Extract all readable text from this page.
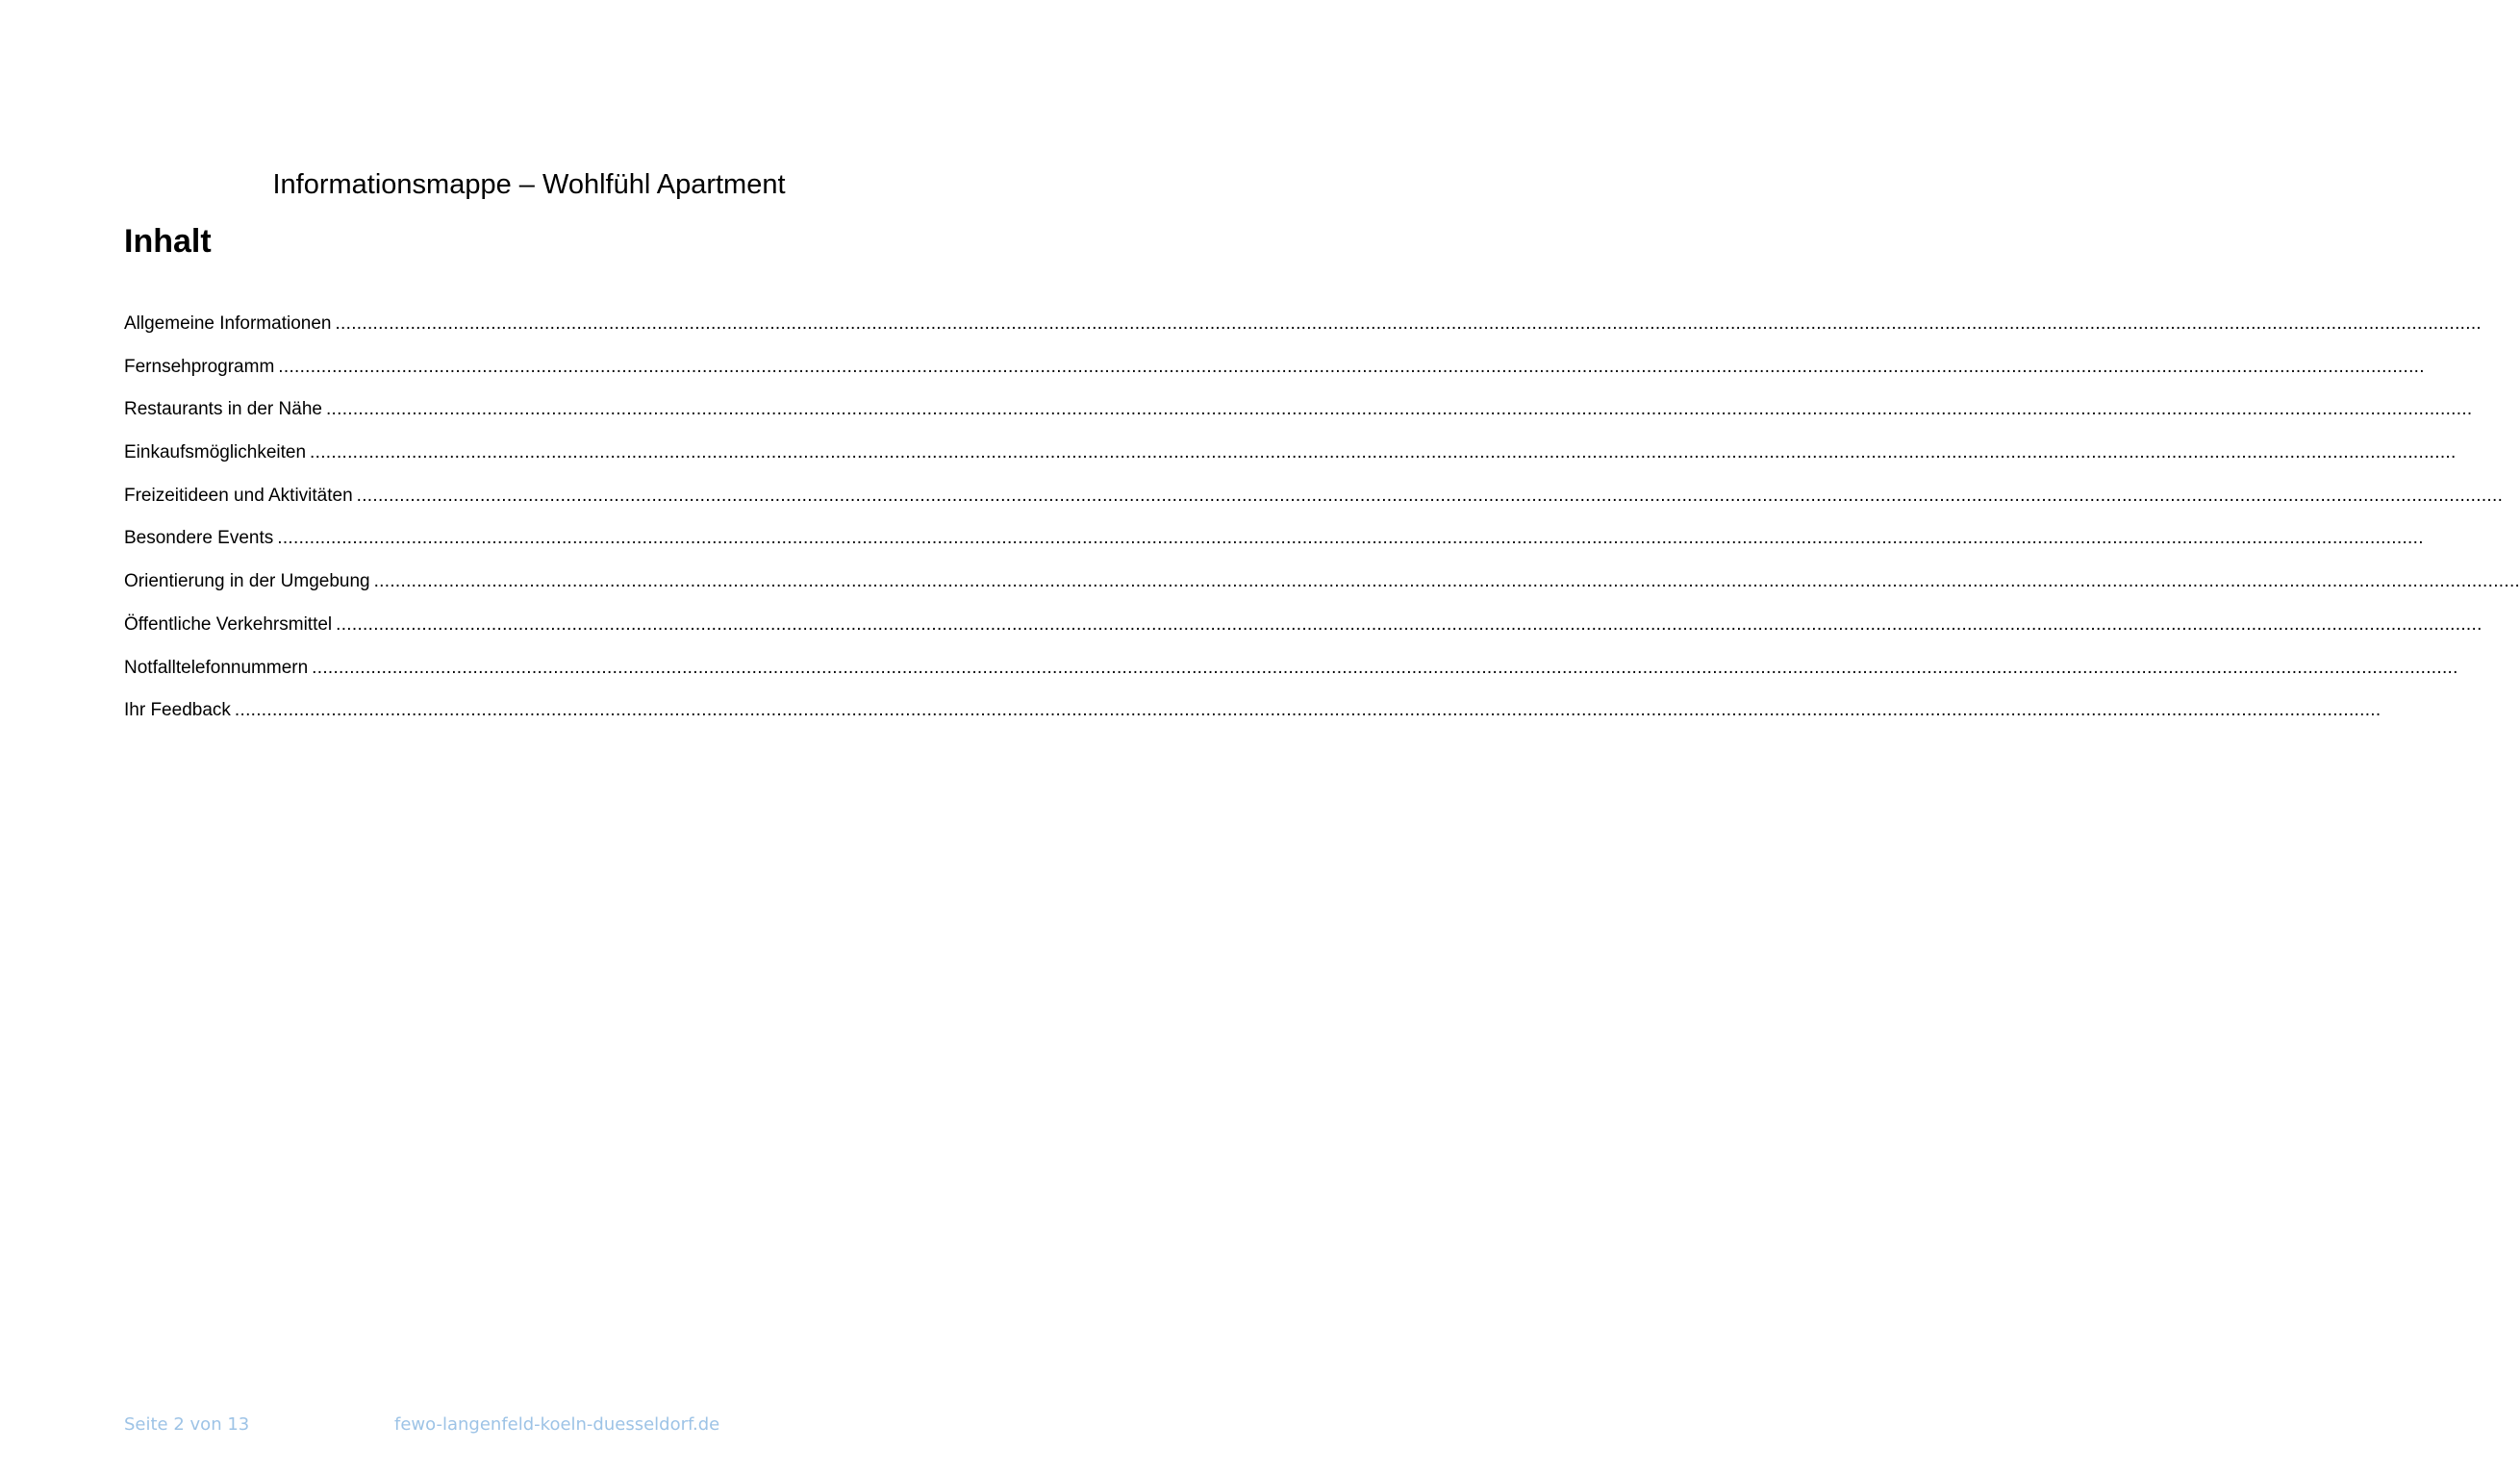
Informationsmappe – Wohlfühl Apartment
Inhalt
Allgemeine Informationen ................................................................................................................................................................................................................................................................................................................................................................................................................
Fernsehprogramm ................................................................................................................................................................................................................................................................................................................................................................................................................
Restaurants in der Nähe ................................................................................................................................................................................................................................................................................................................................................................................................................
Einkaufsmöglichkeiten ................................................................................................................................................................................................................................................................................................................................................................................................................
Freizeitideen und Aktivitäten ................................................................................................................................................................................................................................................................................................................................................................................................................
Besondere Events ................................................................................................................................................................................................................................................................................................................................................................................................................
Orientierung in der Umgebung ................................................................................................................................................................................................................................................................................................................................................................................................................
Öffentliche Verkehrsmittel ................................................................................................................................................................................................................................................................................................................................................................................................................
Notfalltelefonnummern ................................................................................................................................................................................................................................................................................................................................................................................................................
Ihr Feedback ................................................................................................................................................................................................................................................................................................................................................................................................................
Seite 2 von 13	fewo-langenfeld-koeln-duesseldorf.de
